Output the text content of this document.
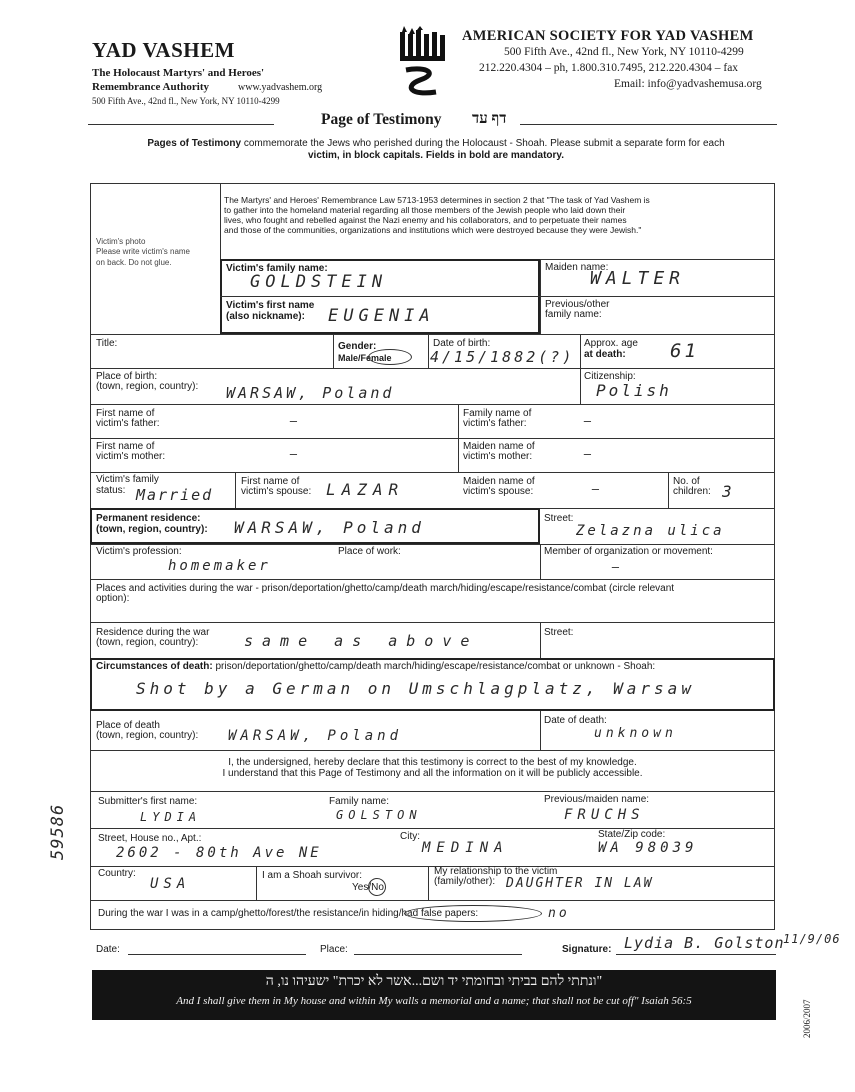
YAD VASHEM
The Holocaust Martyrs' and Heroes'
Remembrance Authority	www.yadvashem.org
500 Fifth Ave., 42nd fl., New York, NY 10110-4299
AMERICAN SOCIETY FOR YAD VASHEM
500 Fifth Ave., 42nd fl., New York, NY 10110-4299
212.220.4304 – ph, 1.800.310.7495, 212.220.4304 – fax
Email: info@yadvashemusa.org
Page of Testimony דף עד
Pages of Testimony commemorate the Jews who perished during the Holocaust - Shoah. Please submit a separate form for each
victim, in block capitals. Fields in bold are mandatory.
Victim's photo
Please write victim's name
on back. Do not glue.
The Martyrs' and Heroes' Remembrance Law 5713-1953 determines in section 2 that "The task of Yad Vashem is
to gather into the homeland material regarding all those members of the Jewish people who laid down their
lives, who fought and rebelled against the Nazi enemy and his collaborators, and to perpetuate their names
and those of the communities, organizations and institutions which were destroyed because they were Jewish."
Victim's family name:
GOLDSTEIN
Maiden name:
WALTER
Victim's first name
(also nickname): EUGENIA
Previous/other
family name:
Title:	Gender:
Male/Female
Date of birth:
4/15/1882(?)
Approx. age
at death: 61
Place of birth:
(town, region, country): WARSAW, Poland
Citizenship:
Polish
First name of
victim's father:	—
Family name of
victim's father:	—
First name of
victim's mother:	—
Maiden name of
victim's mother:	—
Victim's family
status: Married
First name of
victim's spouse: LAZAR	Maiden name of
victim's spouse:	—
No. of
children: 3
Permanent residence:
(town, region, country): WARSAW, Poland	Street:
Zelazna ulica
Victim's profession:
homemaker
Place of work:	Member of organization or movement:
—
Places and activities during the war - prison/deportation/ghetto/camp/death march/hiding/escape/resistance/combat (circle relevant
option):
Residence during the war
(town, region, country):	same as above	Street:
Circumstances of death: prison/deportation/ghetto/camp/death march/hiding/escape/resistance/combat or unknown - Shoah:
Shot by a German on Umschlagplatz, Warsaw
Place of death
(town, region, country): WARSAW, Poland
Date of death:
unknown
I, the undersigned, hereby declare that this testimony is correct to the best of my knowledge.
I understand that this Page of Testimony and all the information on it will be publicly accessible.
Submitter's first name:
LYDIA
Family name:
GOLSTON
Previous/maiden name:
FRUCHS
Street, House no., Apt.:
2602 - 80th Ave NE
City:
MEDINA
State/Zip code:
WA 98039
Country:
USA
I am a Shoah survivor:
Yes/No
My relationship to the victim
(family/other): DAUGHTER IN LAW
During the war I was in a camp/ghetto/forest/the resistance/in hiding/had false papers:	no
Date:	Place:	Signature: Lydia B. Golston
11/9/06
59586
"ונתתי להם בביתי ובחומתי יד ושם...אשר לא יכרת" ישעיהו נו, ה
And I shall give them in My house and within My walls a memorial and a name; that shall not be cut off" Isaiah 56:5	2006/2007
